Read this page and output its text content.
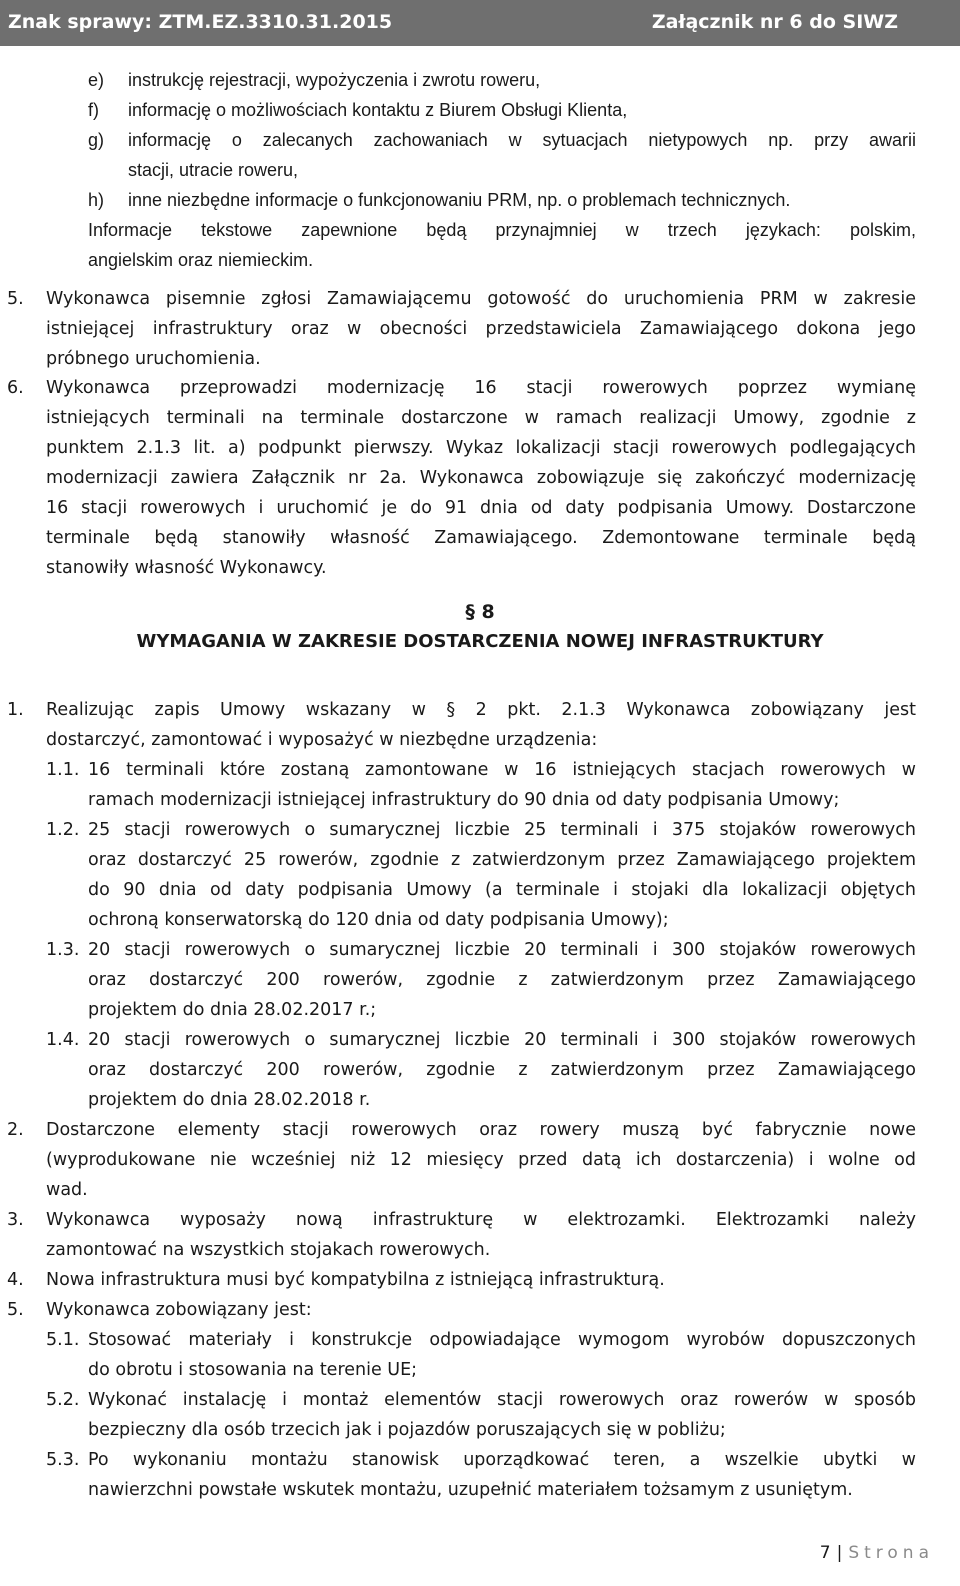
Znak sprawy: ZTM.EZ.3310.31.2015	Załącznik nr 6 do SIWZ
e) instrukcję rejestracji, wypożyczenia i zwrotu roweru,
f) informację o możliwościach kontaktu z Biurem Obsługi Klienta,
g) informację o zalecanych zachowaniach w sytuacjach nietypowych np. przy awarii
stacji, utracie roweru,
h) inne niezbędne informacje o funkcjonowaniu PRM, np. o problemach technicznych.
Informacje tekstowe zapewnione będą przynajmniej w trzech językach: polskim,
angielskim oraz niemieckim.
5. Wykonawca pisemnie zgłosi Zamawiającemu gotowość do uruchomienia PRM w zakresie
istniejącej infrastruktury oraz w obecności przedstawiciela Zamawiającego dokona jego
próbnego uruchomienia.
6. Wykonawca przeprowadzi modernizację 16 stacji rowerowych poprzez wymianę
istniejących terminali na terminale dostarczone w ramach realizacji Umowy, zgodnie z
punktem 2.1.3 lit. a) podpunkt pierwszy. Wykaz lokalizacji stacji rowerowych podlegających
modernizacji zawiera Załącznik nr 2a. Wykonawca zobowiązuje się zakończyć modernizację
16 stacji rowerowych i uruchomić je do 91 dnia od daty podpisania Umowy. Dostarczone
terminale będą stanowiły własność Zamawiającego. Zdemontowane terminale będą
stanowiły własność Wykonawcy.
1. Realizując zapis Umowy wskazany w § 2 pkt. 2.1.3 Wykonawca zobowiązany jest
dostarczyć, zamontować i wyposażyć w niezbędne urządzenia:
1.1. 16 terminali które zostaną zamontowane w 16 istniejących stacjach rowerowych w
ramach modernizacji istniejącej infrastruktury do 90 dnia od daty podpisania Umowy;
1.2. 25 stacji rowerowych o sumarycznej liczbie 25 terminali i 375 stojaków rowerowych
oraz dostarczyć 25 rowerów, zgodnie z zatwierdzonym przez Zamawiającego projektem
do 90 dnia od daty podpisania Umowy (a terminale i stojaki dla lokalizacji objętych
ochroną konserwatorską do 120 dnia od daty podpisania Umowy);
1.3. 20 stacji rowerowych o sumarycznej liczbie 20 terminali i 300 stojaków rowerowych
oraz dostarczyć 200 rowerów, zgodnie z zatwierdzonym przez Zamawiającego
projektem do dnia 28.02.2017 r.;
1.4. 20 stacji rowerowych o sumarycznej liczbie 20 terminali i 300 stojaków rowerowych
oraz dostarczyć 200 rowerów, zgodnie z zatwierdzonym przez Zamawiającego
projektem do dnia 28.02.2018 r.
2. Dostarczone elementy stacji rowerowych oraz rowery muszą być fabrycznie nowe
(wyprodukowane nie wcześniej niż 12 miesięcy przed datą ich dostarczenia) i wolne od
wad.
3. Wykonawca wyposaży nową infrastrukturę w elektrozamki. Elektrozamki należy
zamontować na wszystkich stojakach rowerowych.
4. Nowa infrastruktura musi być kompatybilna z istniejącą infrastrukturą.
5. Wykonawca zobowiązany jest:
5.1. Stosować materiały i konstrukcje odpowiadające wymogom wyrobów dopuszczonych
do obrotu i stosowania na terenie UE;
5.2. Wykonać instalację i montaż elementów stacji rowerowych oraz rowerów w sposób
bezpieczny dla osób trzecich jak i pojazdów poruszających się w pobliżu;
5.3. Po wykonaniu montażu stanowisk uporządkować teren, a wszelkie ubytki w
nawierzchni powstałe wskutek montażu, uzupełnić materiałem tożsamym z usuniętym.
§ 8
WYMAGANIA W ZAKRESIE DOSTARCZENIA NOWEJ INFRASTRUKTURY
7 | Strona
